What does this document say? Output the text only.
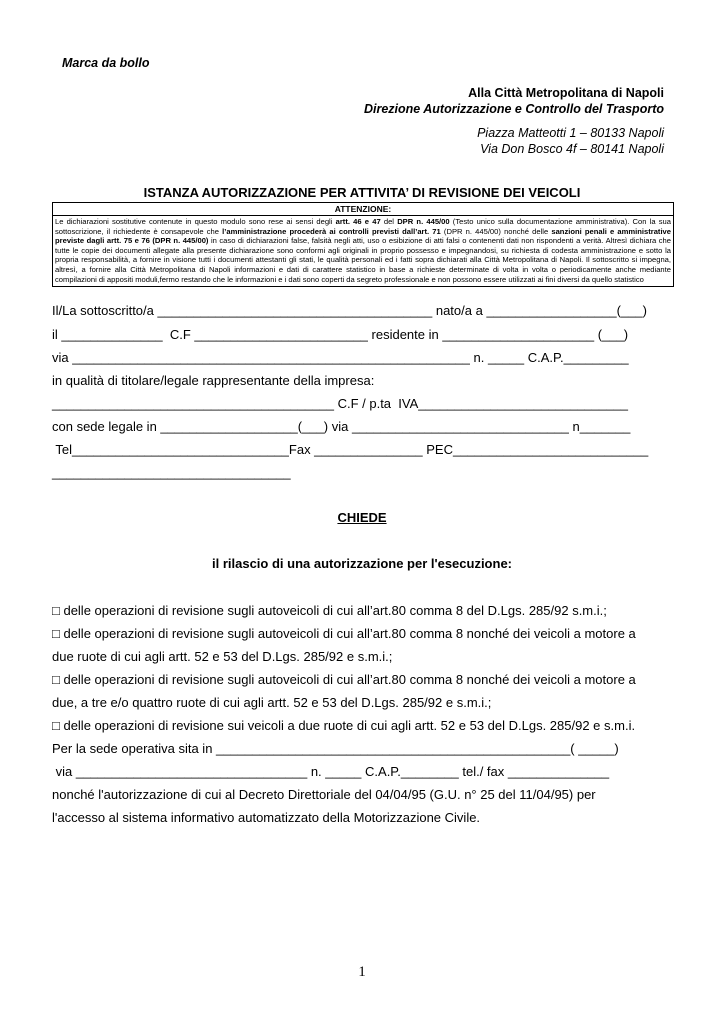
Marca da bollo
Alla Città Metropolitana di Napoli
Direzione Autorizzazione e Controllo del Trasporto
Piazza Matteotti 1 – 80133 Napoli
Via Don Bosco 4f – 80141 Napoli
ISTANZA AUTORIZZAZIONE PER ATTIVITA’ DI REVISIONE DEI VEICOLI
ATTENZIONE:
Le dichiarazioni sostitutive contenute in questo modulo sono rese ai sensi degli artt. 46 e 47 del DPR n. 445/00 (Testo unico sulla documentazione amministrativa). Con la sua sottoscrizione, il richiedente è consapevole che l’amministrazione procederà ai controlli previsti dall’art. 71 (DPR n. 445/00) nonché delle sanzioni penali e amministrative previste dagli artt. 75 e 76 (DPR n. 445/00) in caso di dichiarazioni false, falsità negli atti, uso o esibizione di atti falsi o contenenti dati non rispondenti a verità. Altresì dichiara che tutte le copie dei documenti allegate alla presente dichiarazione sono conformi agli originali in proprio possesso e impegnandosi, su richiesta di codesta amministrazione e sotto la propria responsabilità, a fornire in visione tutti i documenti attestanti gli stati, le qualità personali ed i fatti sopra dichiarati alla Città Metropolitana di Napoli. Il sottoscritto si impegna, altresì, a fornire alla Città Metropolitana di Napoli informazioni e dati di carattere statistico in base a richieste determinate di volta in volta o periodicamente anche mediante compilazioni di appositi moduli,fermo restando che le informazioni e i dati sono coperti da segreto professionale e non possono essere utilizzati ai fini diversi da quello statistico
Il/La sottoscritto/a ______________________________________ nato/a a __________________(___)
il ______________  C.F ________________________ residente in _____________________ (___)
via _______________________________________________________ n. _____ C.A.P._________
in qualità di titolare/legale rappresentante della impresa:
_______________________________________ C.F / p.ta  IVA_____________________________
con sede legale in ___________________(___) via ______________________________ n_______
Tel______________________________Fax _______________ PEC___________________________
_________________________________
CHIEDE
il rilascio di una autorizzazione per l'esecuzione:
□ delle operazioni di revisione sugli autoveicoli di cui all’art.80 comma 8 del D.Lgs. 285/92 s.m.i.;
□ delle operazioni di revisione sugli autoveicoli di cui all’art.80 comma 8 nonché dei veicoli a motore a
due ruote di cui agli artt. 52 e 53 del D.Lgs. 285/92 e s.m.i.;
□ delle operazioni di revisione sugli autoveicoli di cui all’art.80 comma 8 nonché dei veicoli a motore a
due, a tre e/o quattro ruote di cui agli artt. 52 e 53 del D.Lgs. 285/92 e s.m.i.;
□ delle operazioni di revisione sui veicoli a due ruote di cui agli artt. 52 e 53 del D.Lgs. 285/92 e s.m.i.
Per la sede operativa sita in _________________________________________________( _____)
via ________________________________ n. _____ C.A.P.________ tel./ fax ______________
nonché l'autorizzazione di cui al Decreto Direttoriale del 04/04/95 (G.U. n° 25 del 11/04/95) per
l'accesso al sistema informativo automatizzato della Motorizzazione Civile.
1
